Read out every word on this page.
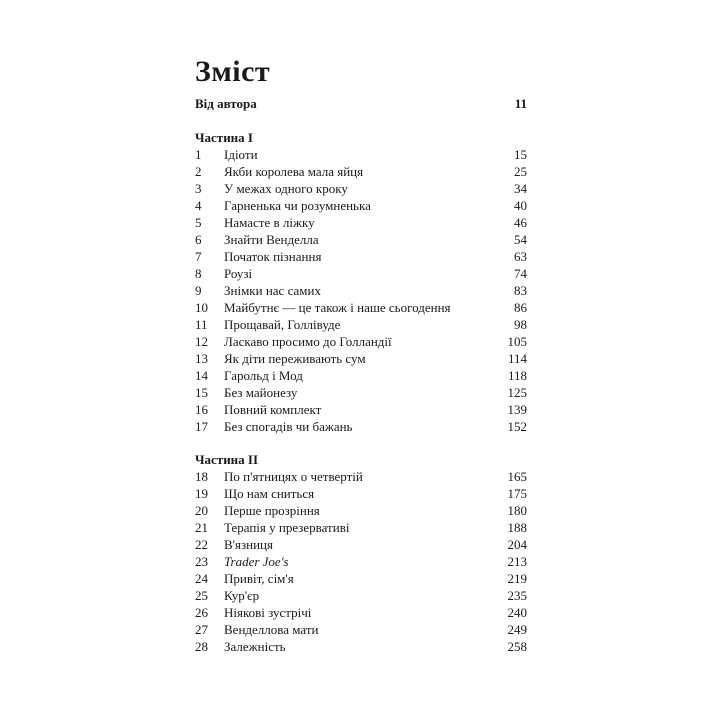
Зміст
Від автора	11
Частина I
1	Ідіоти	15
2	Якби королева мала яйця	25
3	У межах одного кроку	34
4	Гарненька чи розумненька	40
5	Намасте в ліжку	46
6	Знайти Венделла	54
7	Початок пізнання	63
8	Роузі	74
9	Знімки нас самих	83
10	Майбутнє — це також і наше сьогодення	86
11	Прощавай, Голлівуде	98
12	Ласкаво просимо до Голландії	105
13	Як діти переживають сум	114
14	Гарольд і Мод	118
15	Без майонезу	125
16	Повний комплект	139
17	Без спогадів чи бажань	152
Частина II
18	По п'ятницях о четвертій	165
19	Що нам сниться	175
20	Перше прозріння	180
21	Терапія у презервативі	188
22	В'язниця	204
23	Trader Joe's	213
24	Привіт, сім'я	219
25	Кур'єр	235
26	Ніякові зустрічі	240
27	Венделлова мати	249
28	Залежність	258
